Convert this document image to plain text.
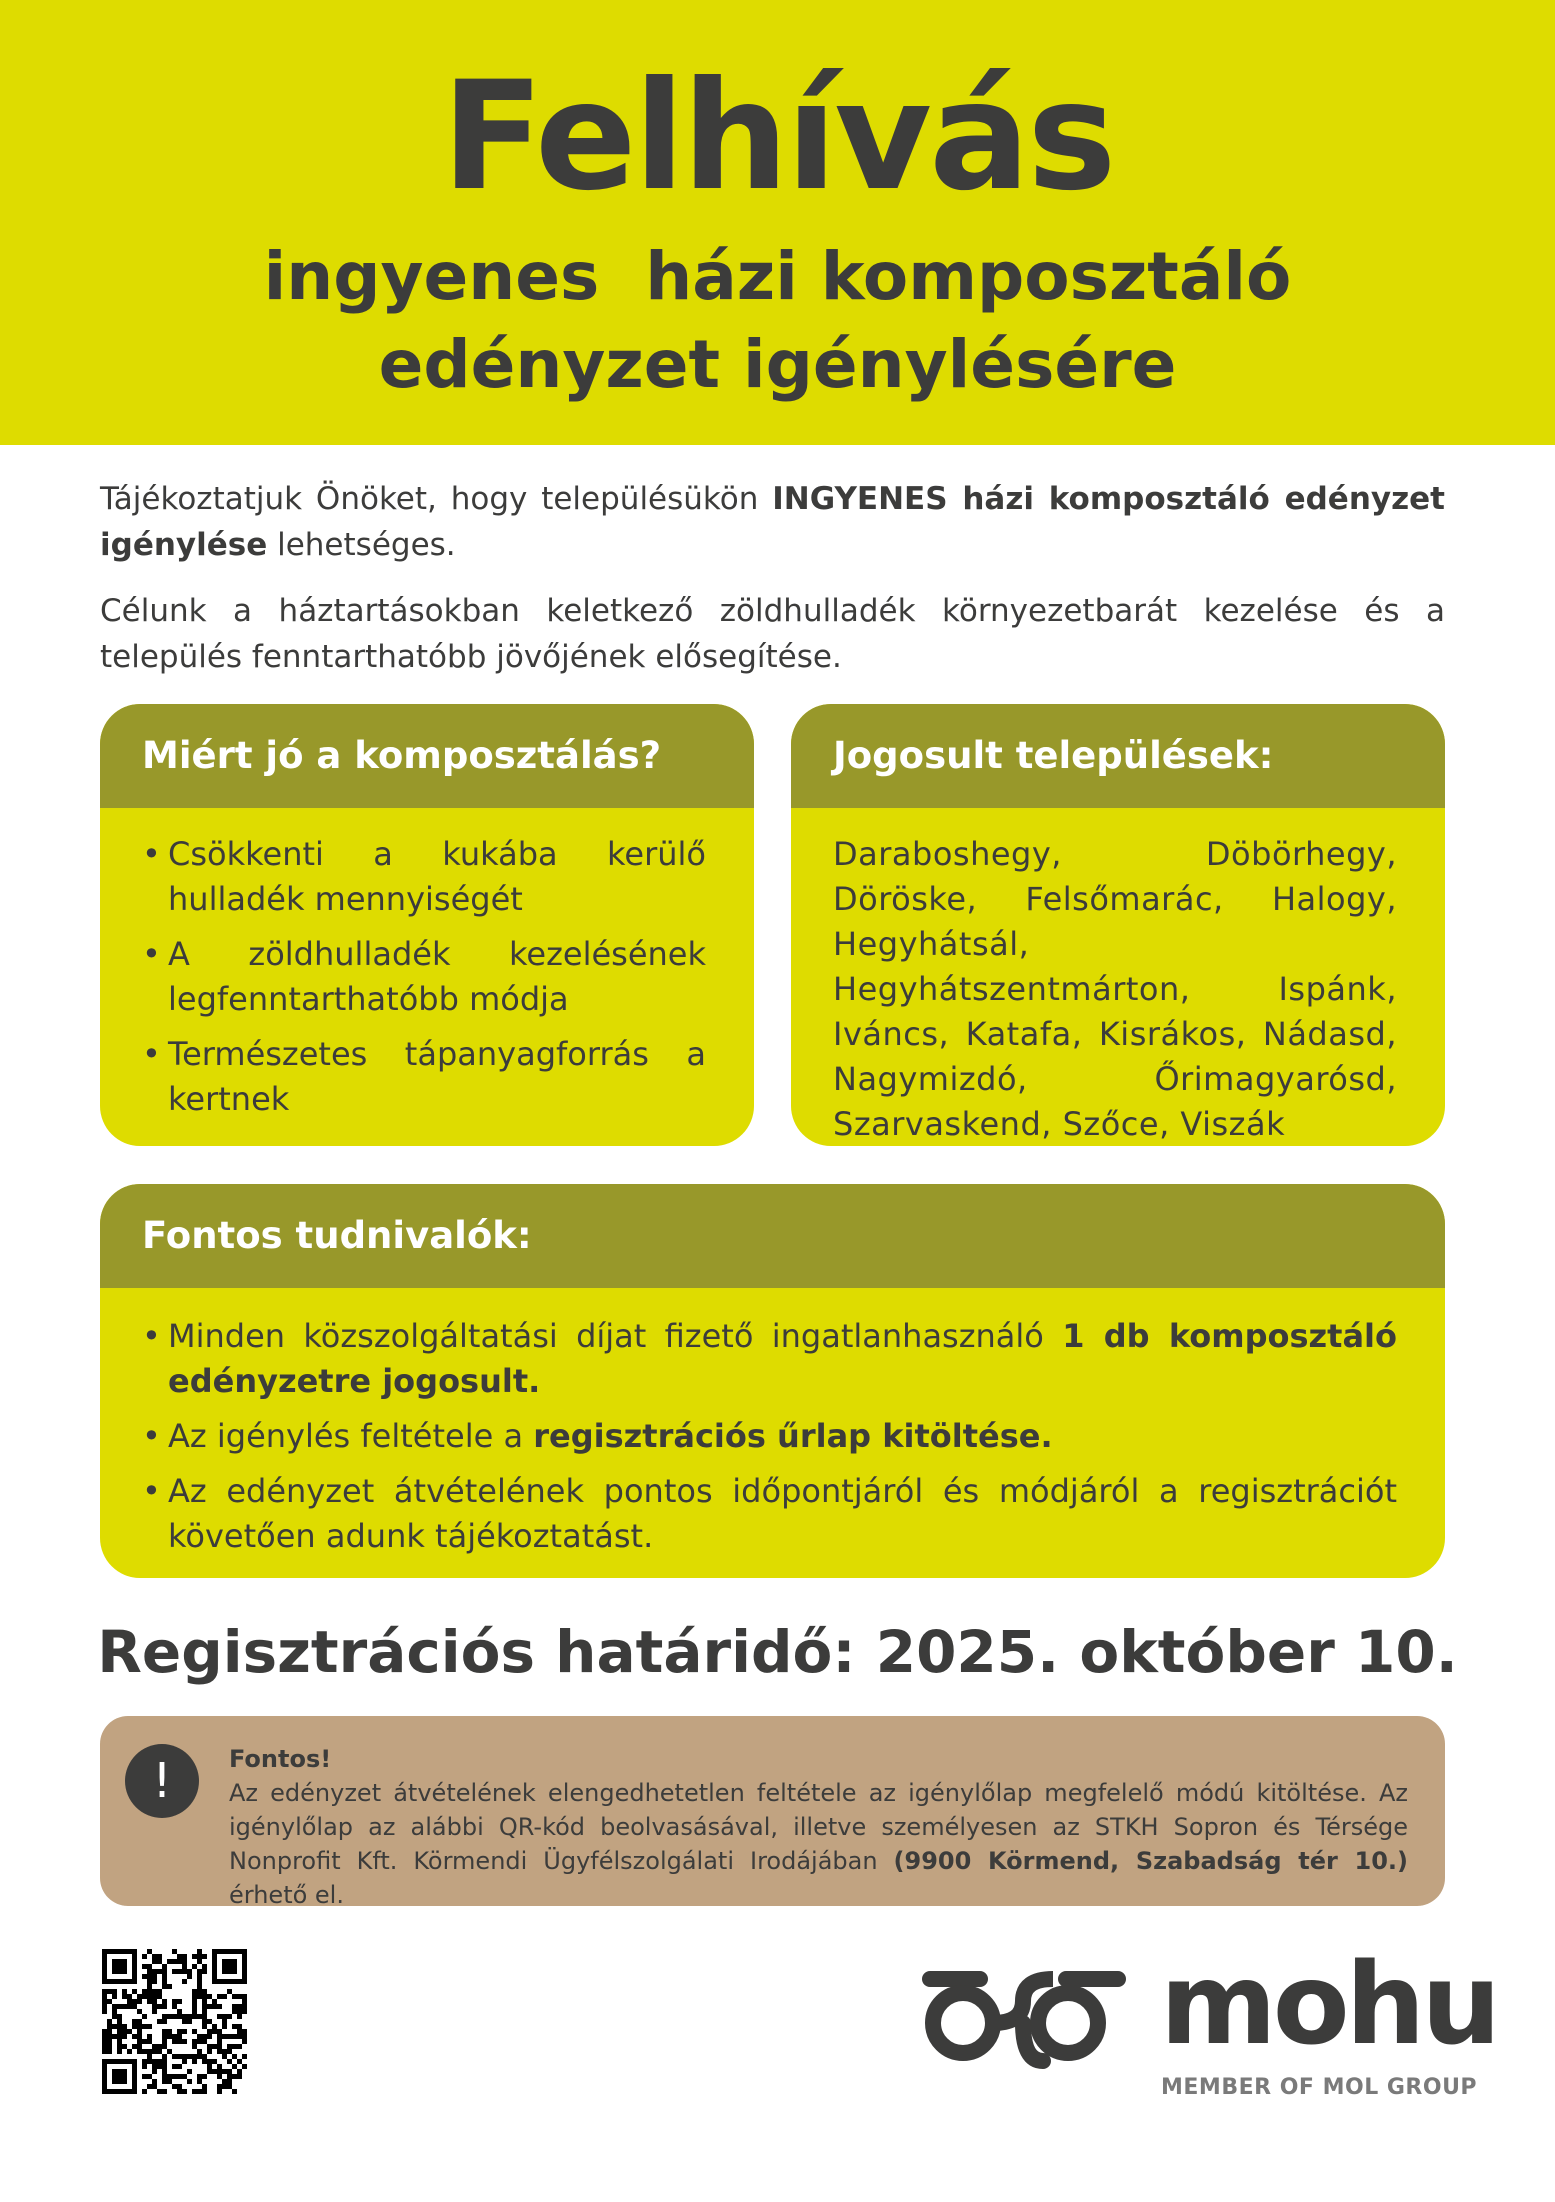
Felhívás
ingyenes  házi komposztáló
edényzet igénylésére

Tájékoztatjuk Önöket, hogy településükön INGYENES házi komposztáló edényzet igénylése lehetséges.

Célunk a háztartásokban keletkező zöldhulladék környezetbarát kezelése és a település fenntarthatóbb jövőjének elősegítése.

Miért jó a komposztálás?
• Csökkenti a kukába kerülő hulladék mennyiségét
• A zöldhulladék kezelésének legfenntarthatóbb módja
• Természetes tápanyagforrás a kertnek
Jogosult települések:
Daraboshegy, Döbörhegy, Döröske, Felsőmarác, Halogy, Hegyhátsál, Hegyhátszentmárton, Ispánk, Iváncs, Katafa, Kisrákos, Nádasd, Nagymizdó, Őrimagyarósd, Szarvaskend, Szőce, Viszák
Fontos tudnivalók:
• Minden közszolgáltatási díjat fizető ingatlanhasználó 1 db komposztáló edényzetre jogosult.
• Az igénylés feltétele a regisztrációs űrlap kitöltése.
• Az edényzet átvételének pontos időpontjáról és módjáról a regisztrációt követően adunk tájékoztatást.
Regisztrációs határidő: 2025. október 10.
!	Fontos!
Az edényzet átvételének elengedhetetlen feltétele az igénylőlap megfelelő módú kitöltése. Az igénylőlap az alábbi QR-kód beolvasásával, illetve személyesen az STKH Sopron és Térsége Nonprofit Kft. Körmendi Ügyfélszolgálati Irodájában (9900 Körmend, Szabadság tér 10.) érhető el.
mohu
MEMBER OF MOL GROUP
